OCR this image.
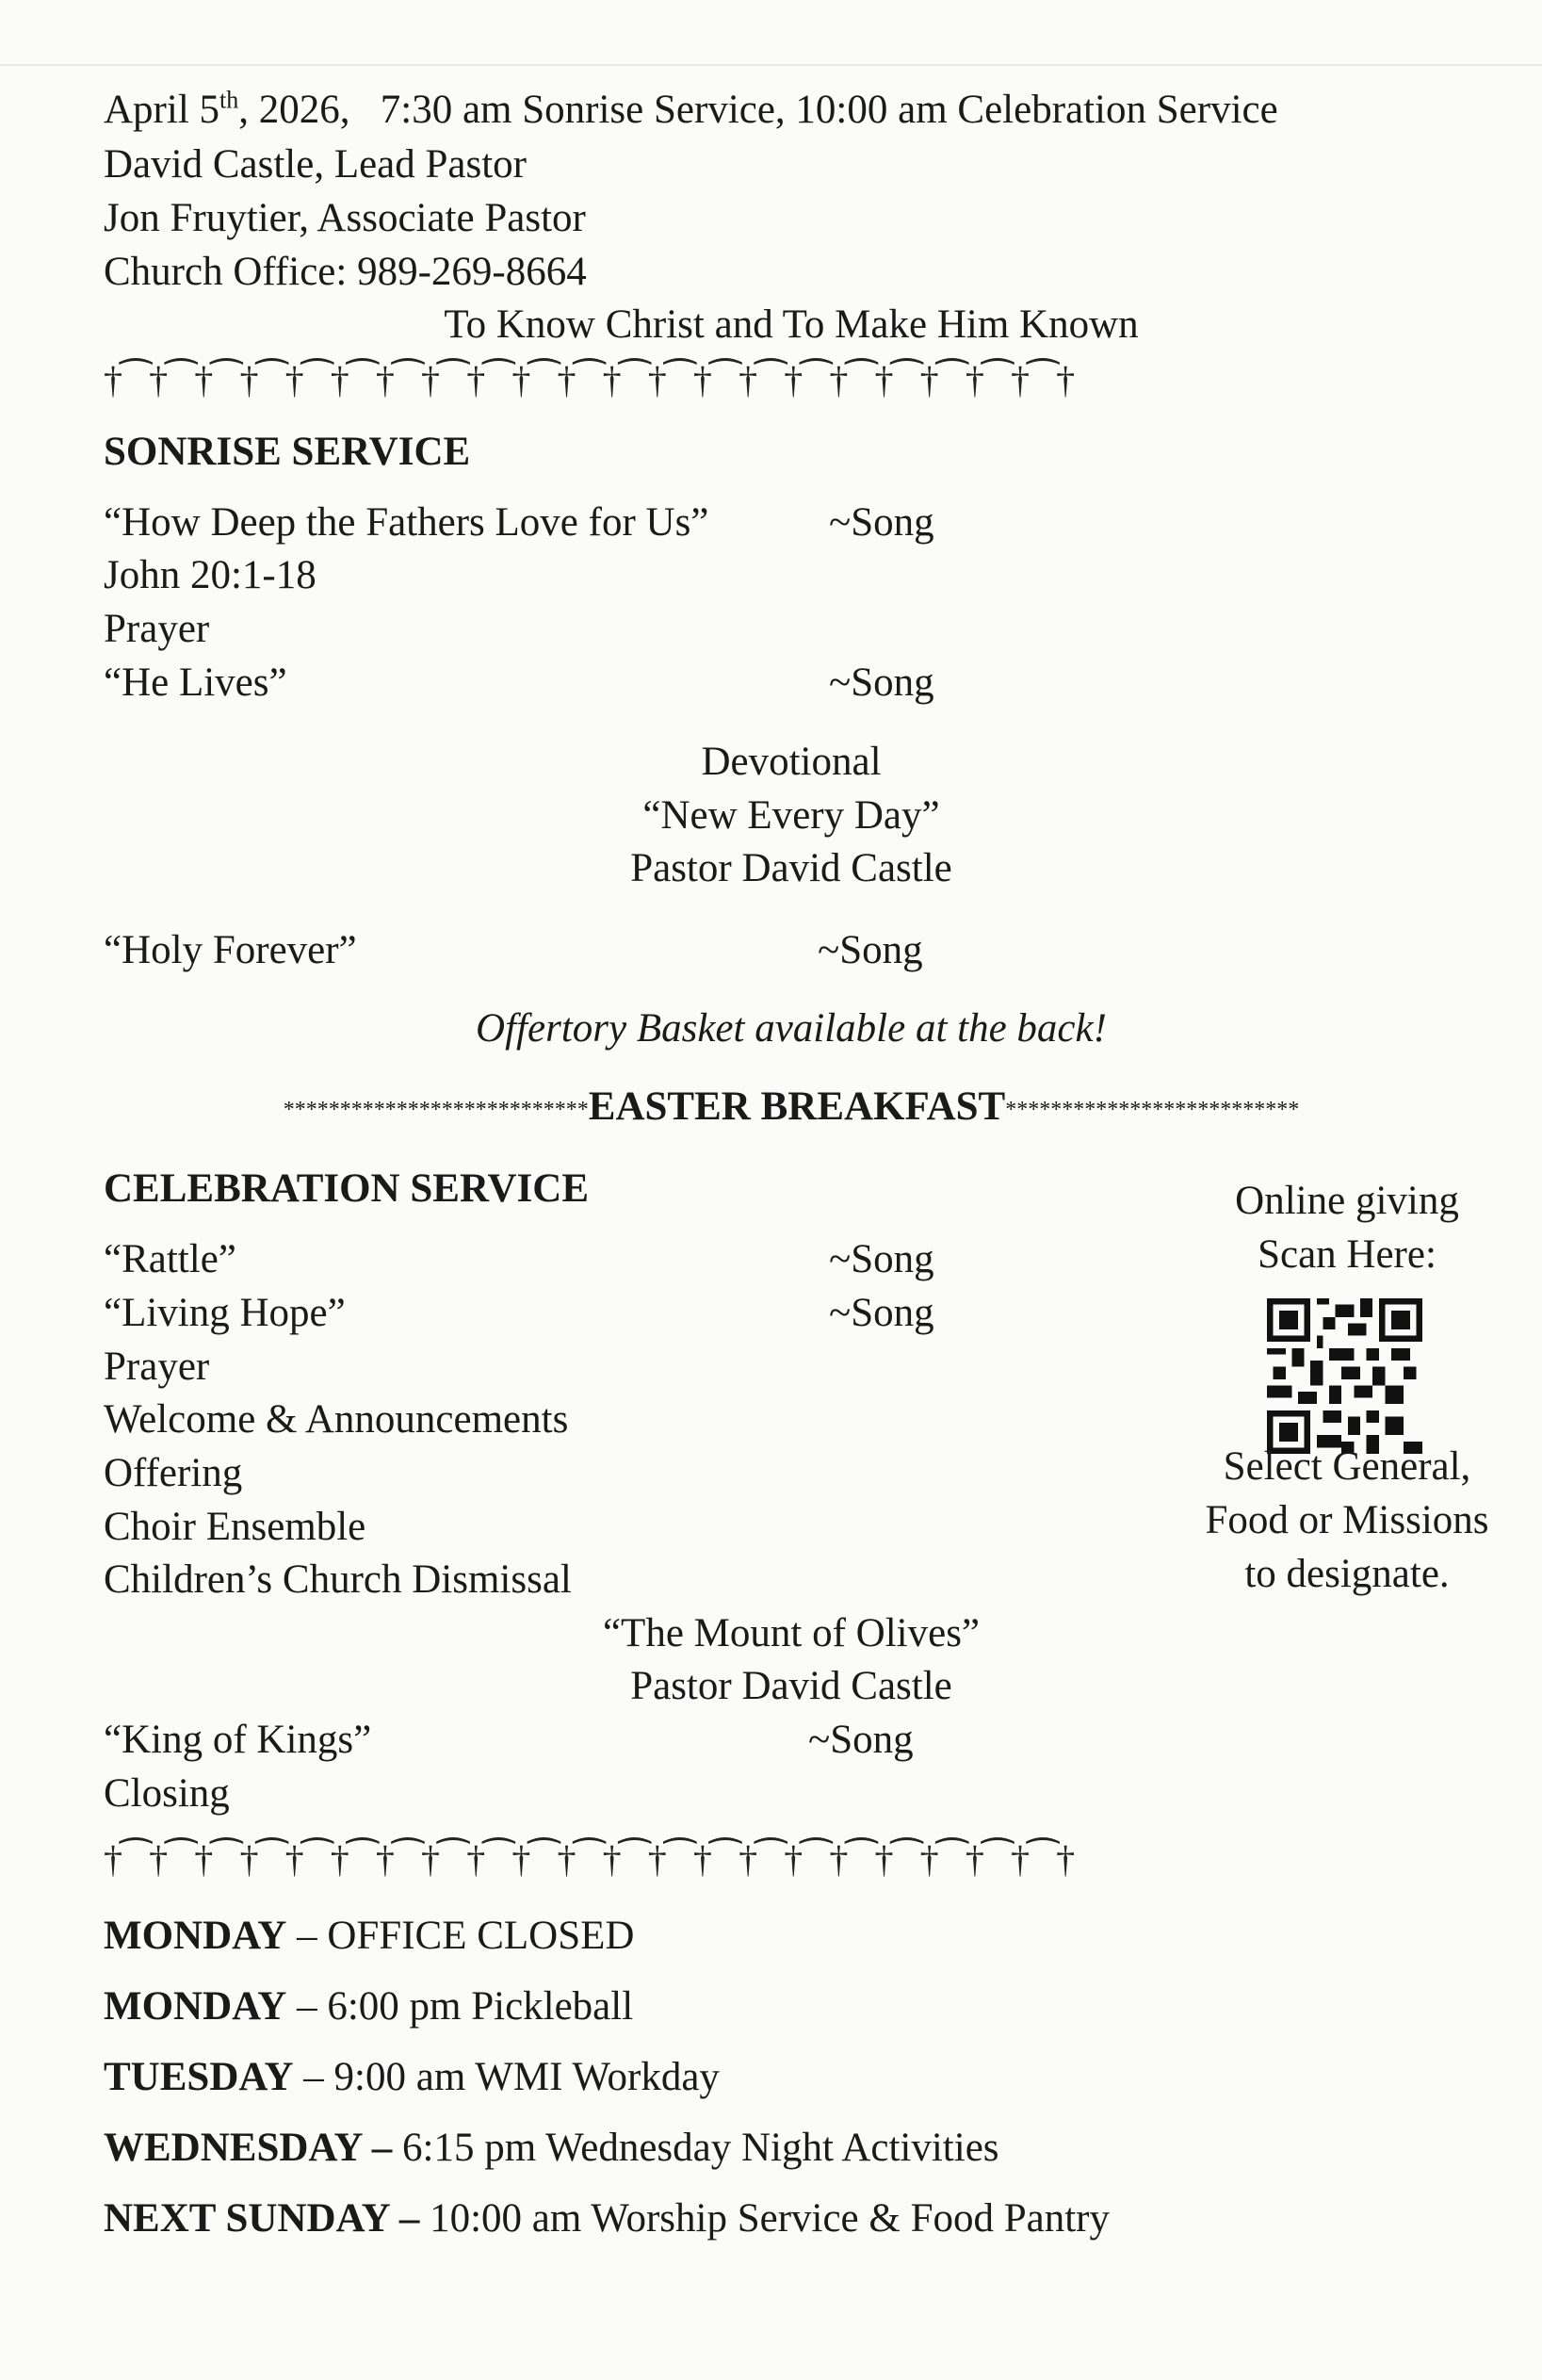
April 5th, 2026,   7:30 am Sonrise Service, 10:00 am Celebration Service
David Castle, Lead Pastor
Jon Fruytier, Associate Pastor
Church Office: 989-269-8664
To Know Christ and To Make Him Known
†⁀†⁀†⁀†⁀†⁀†⁀†⁀†⁀†⁀†⁀†⁀†⁀†⁀†⁀†⁀†⁀†⁀†⁀†⁀†⁀†⁀†
SONRISE SERVICE
“How Deep the Fathers Love for Us”	~Song
John 20:1-18
Prayer
“He Lives”	~Song
Devotional
“New Every Day”
Pastor David Castle
“Holy Forever”	~Song
Offertory Basket available at the back!
***************************EASTER BREAKFAST**************************
CELEBRATION SERVICE
“Rattle”	~Song
“Living Hope”	~Song
Prayer
Welcome & Announcements
Offering
Choir Ensemble
Children’s Church Dismissal
“The Mount of Olives”
Pastor David Castle
“King of Kings”	~Song
Closing
†⁀†⁀†⁀†⁀†⁀†⁀†⁀†⁀†⁀†⁀†⁀†⁀†⁀†⁀†⁀†⁀†⁀†⁀†⁀†⁀†⁀†
Online giving
Scan Here:
Select General,
Food or Missions
to designate.
MONDAY – OFFICE CLOSED
MONDAY – 6:00 pm Pickleball
TUESDAY – 9:00 am WMI Workday
WEDNESDAY – 6:15 pm Wednesday Night Activities
NEXT SUNDAY – 10:00 am Worship Service & Food Pantry
